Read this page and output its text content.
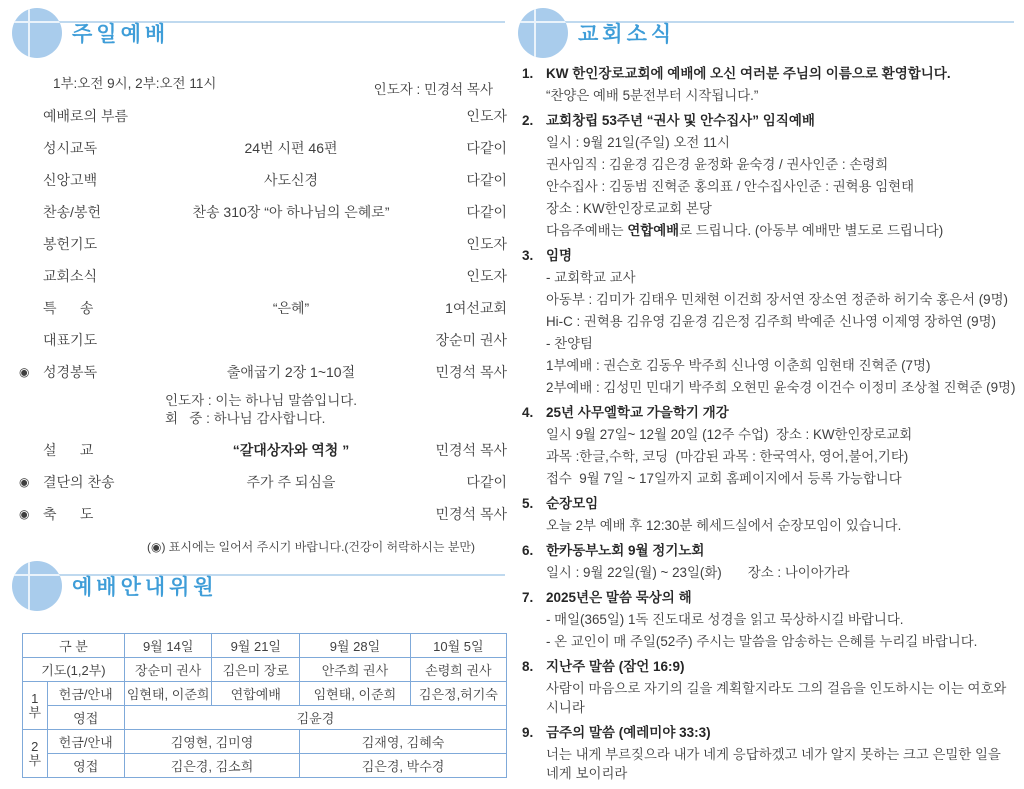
주일예배
1부:오전 9시, 2부:오전 11시	인도자 : 민경석 목사
예배로의 부름	인도자
성시교독	24번 시편 46편	다같이
신앙고백	사도신경	다같이
찬송/봉헌	찬송 310장 “아 하나님의 은혜로”	다같이
봉헌기도	인도자
교회소식	인도자
특      송	“은혜”	1여선교회
대표기도	장순미 권사
◉ 성경봉독	출애굽기 2장 1~10절	민경석 목사
인도자 : 이는 하나님 말씀입니다.
회   중 : 하나님 감사합니다.
설      교	“갈대상자와 역청 ”	민경석 목사
◉ 결단의 찬송	주가 주 되심을	다같이
◉ 축      도	민경석 목사
(◉) 표시에는 일어서 주시기 바랍니다.(건강이 허락하시는 분만)
예배안내위원
구 분		9월 14일	9월 21일	9월 28일	10월 5일
기도(1,2부)		장순미 권사	김은미 장로	안주희 권사	손령희 권사
1부	헌금/안내	임현태, 이준희	연합예배	임현태, 이준희	김은정,허기숙
	영접	김윤경			
2부	헌금/안내	김영현, 김미영		김재영, 김혜숙	
	영접	김은경, 김소희		김은경, 박수경	
교회소식
1. KW 한인장로교회에 예배에 오신 여러분 주님의 이름으로 환영합니다.
“찬양은 예배 5분전부터 시작됩니다.”
2. 교회창립 53주년 “권사 및 안수집사” 임직예배
일시 : 9월 21일(주일) 오전 11시
권사임직 : 김윤경 김은경 윤정화 윤숙경 / 권사인준 : 손령희
안수집사 : 김동범 진혁준 홍의표 / 안수집사인준 : 권혁용 임현태
장소 : KW한인장로교회 본당
다음주예배는 연합예배로 드립니다. (아동부 예배만 별도로 드립니다)
3. 임명
- 교회학교 교사
아동부 : 김미가 김태우 민채현 이건희 장서연 장소연 정준하 허기숙 홍은서 (9명)
Hi-C : 권혁용 김유영 김윤경 김은정 김주희 박예준 신나영 이제영 장하연 (9명)
- 찬양팀
1부예배 : 권슨호 김동우 박주희 신나영 이춘희 임현태 진혁준 (7명)
2부예배 : 김성민 민대기 박주희 오현민 윤숙경 이건수 이정미 조상철 진혁준 (9명)
4. 25년 사무엘학교 가을학기 개강
일시 9월 27일~ 12월 20일 (12주 수업)  장소 : KW한인장로교회
과목 :한글,수학, 코딩  (마감된 과목 : 한국역사, 영어,불어,기타)
접수  9월 7일 ~ 17일까지 교회 홈페이지에서 등록 가능합니다
5. 순장모임
오늘 2부 예배 후 12:30분 헤세드실에서 순장모임이 있습니다.
6. 한카동부노회 9월 정기노회
일시 : 9월 22일(월) ~ 23일(화)       장소 : 나이아가라
7. 2025년은 말씀 묵상의 해
- 매일(365일) 1독 진도대로 성경을 읽고 묵상하시길 바랍니다.
- 온 교인이 매 주일(52주) 주시는 말씀을 암송하는 은혜를 누리길 바랍니다.
8. 지난주 말씀 (잠언 16:9)
사람이 마음으로 자기의 길을 계획할지라도 그의 걸음을 인도하시는 이는 여호와시니라
9. 금주의 말씀 (예레미야 33:3)
너는 내게 부르짖으라 내가 네게 응답하겠고 네가 알지 못하는 크고 은밀한 일을 네게 보이리라
